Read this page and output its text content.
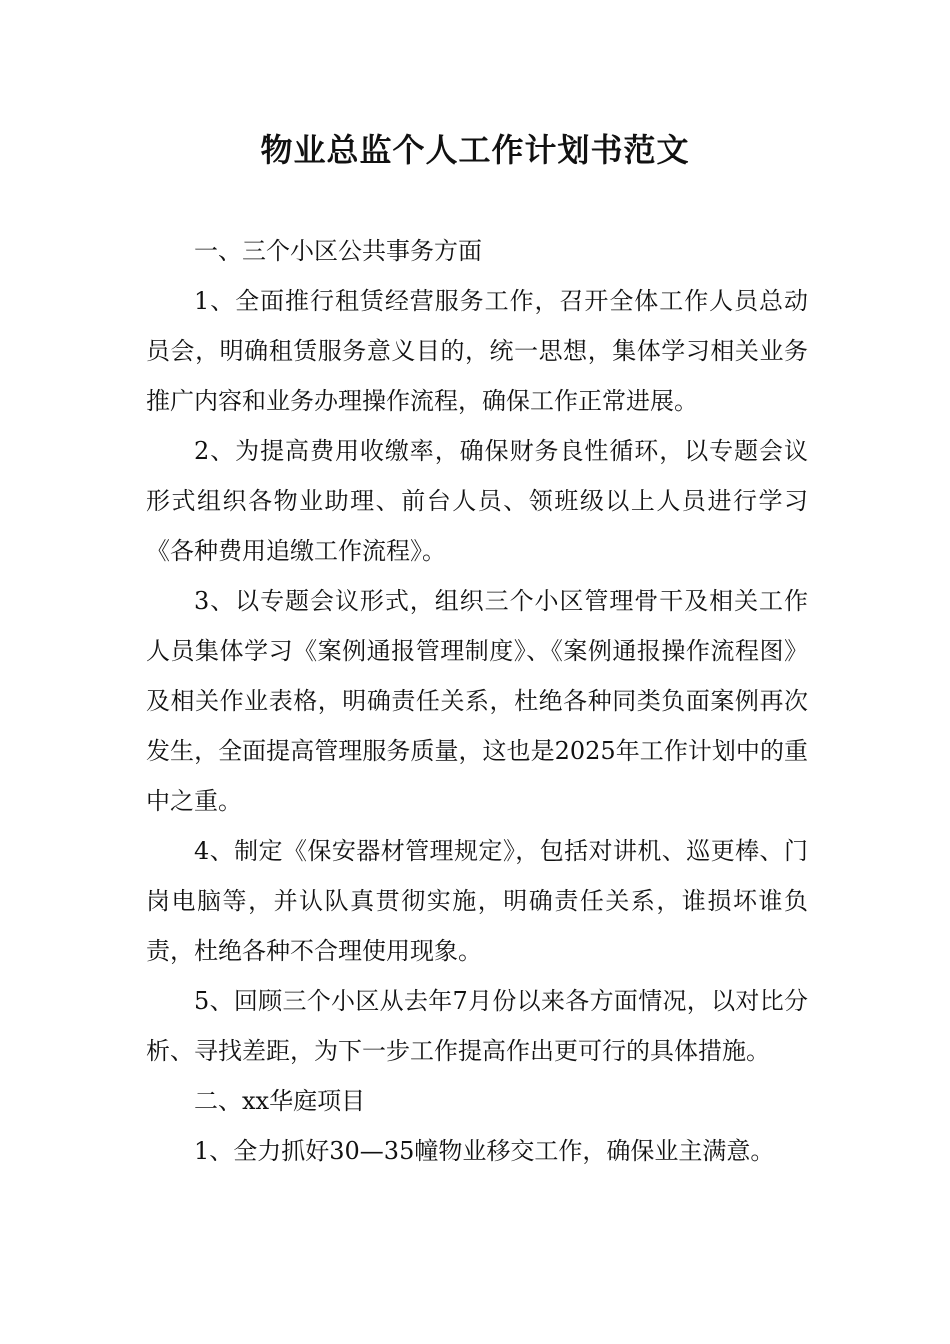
物业总监个人工作计划书范文

一、三个小区公共事务方面

1、全面推行租赁经营服务工作，召开全体工作人员总动员会，明确租赁服务意义目的，统一思想，集体学习相关业务推广内容和业务办理操作流程，确保工作正常进展。

2、为提高费用收缴率，确保财务良性循环，以专题会议形式组织各物业助理、前台人员、领班级以上人员进行学习《各种费用追缴工作流程》。

3、以专题会议形式，组织三个小区管理骨干及相关工作人员集体学习《案例通报管理制度》、《案例通报操作流程图》及相关作业表格，明确责任关系，杜绝各种同类负面案例再次发生，全面提高管理服务质量，这也是2025年工作计划中的重中之重。

4、制定《保安器材管理规定》，包括对讲机、巡更棒、门岗电脑等，并认队真贯彻实施，明确责任关系，谁损坏谁负责，杜绝各种不合理使用现象。

5、回顾三个小区从去年7月份以来各方面情况，以对比分析、寻找差距，为下一步工作提高作出更可行的具体措施。

二、xx华庭项目

1、全力抓好30—35幢物业移交工作，确保业主满意。
